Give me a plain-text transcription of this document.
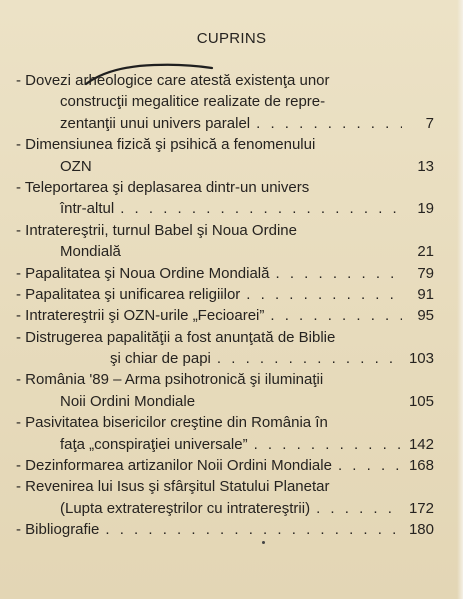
CUPRINS
- Dovezi arheologice care atestă existenţa unor
construcţii megalitice realizate de repre-
zentanţii unui univers paralel . . .	7
- Dimensiunea fizică şi psihică a fenomenului
OZN	13
- Teleportarea şi deplasarea dintr-un univers
într-altul . . .	19
- Intratereştrii, turnul Babel şi Noua Ordine
Mondială	21
- Papalitatea şi Noua Ordine Mondială . . .	79
- Papalitatea şi unificarea religiilor . . .	91
- Intratereştrii şi OZN-urile „Fecioarei” . . .	95
- Distrugerea papalităţii a fost anunţată de Biblie
şi chiar de papi . . .	103
- România '89 – Arma psihotronică şi iluminaţii
Noii Ordini Mondiale	105
- Pasivitatea bisericilor creştine din România în
faţa „conspiraţiei universale” . . .	142
- Dezinformarea artizanilor Noii Ordini Mondiale . . .	168
- Revenirea lui Isus şi sfârşitul Statului Planetar
(Lupta extratereştrilor cu intratereştrii) . . .	172
- Bibliografie . . .	180
